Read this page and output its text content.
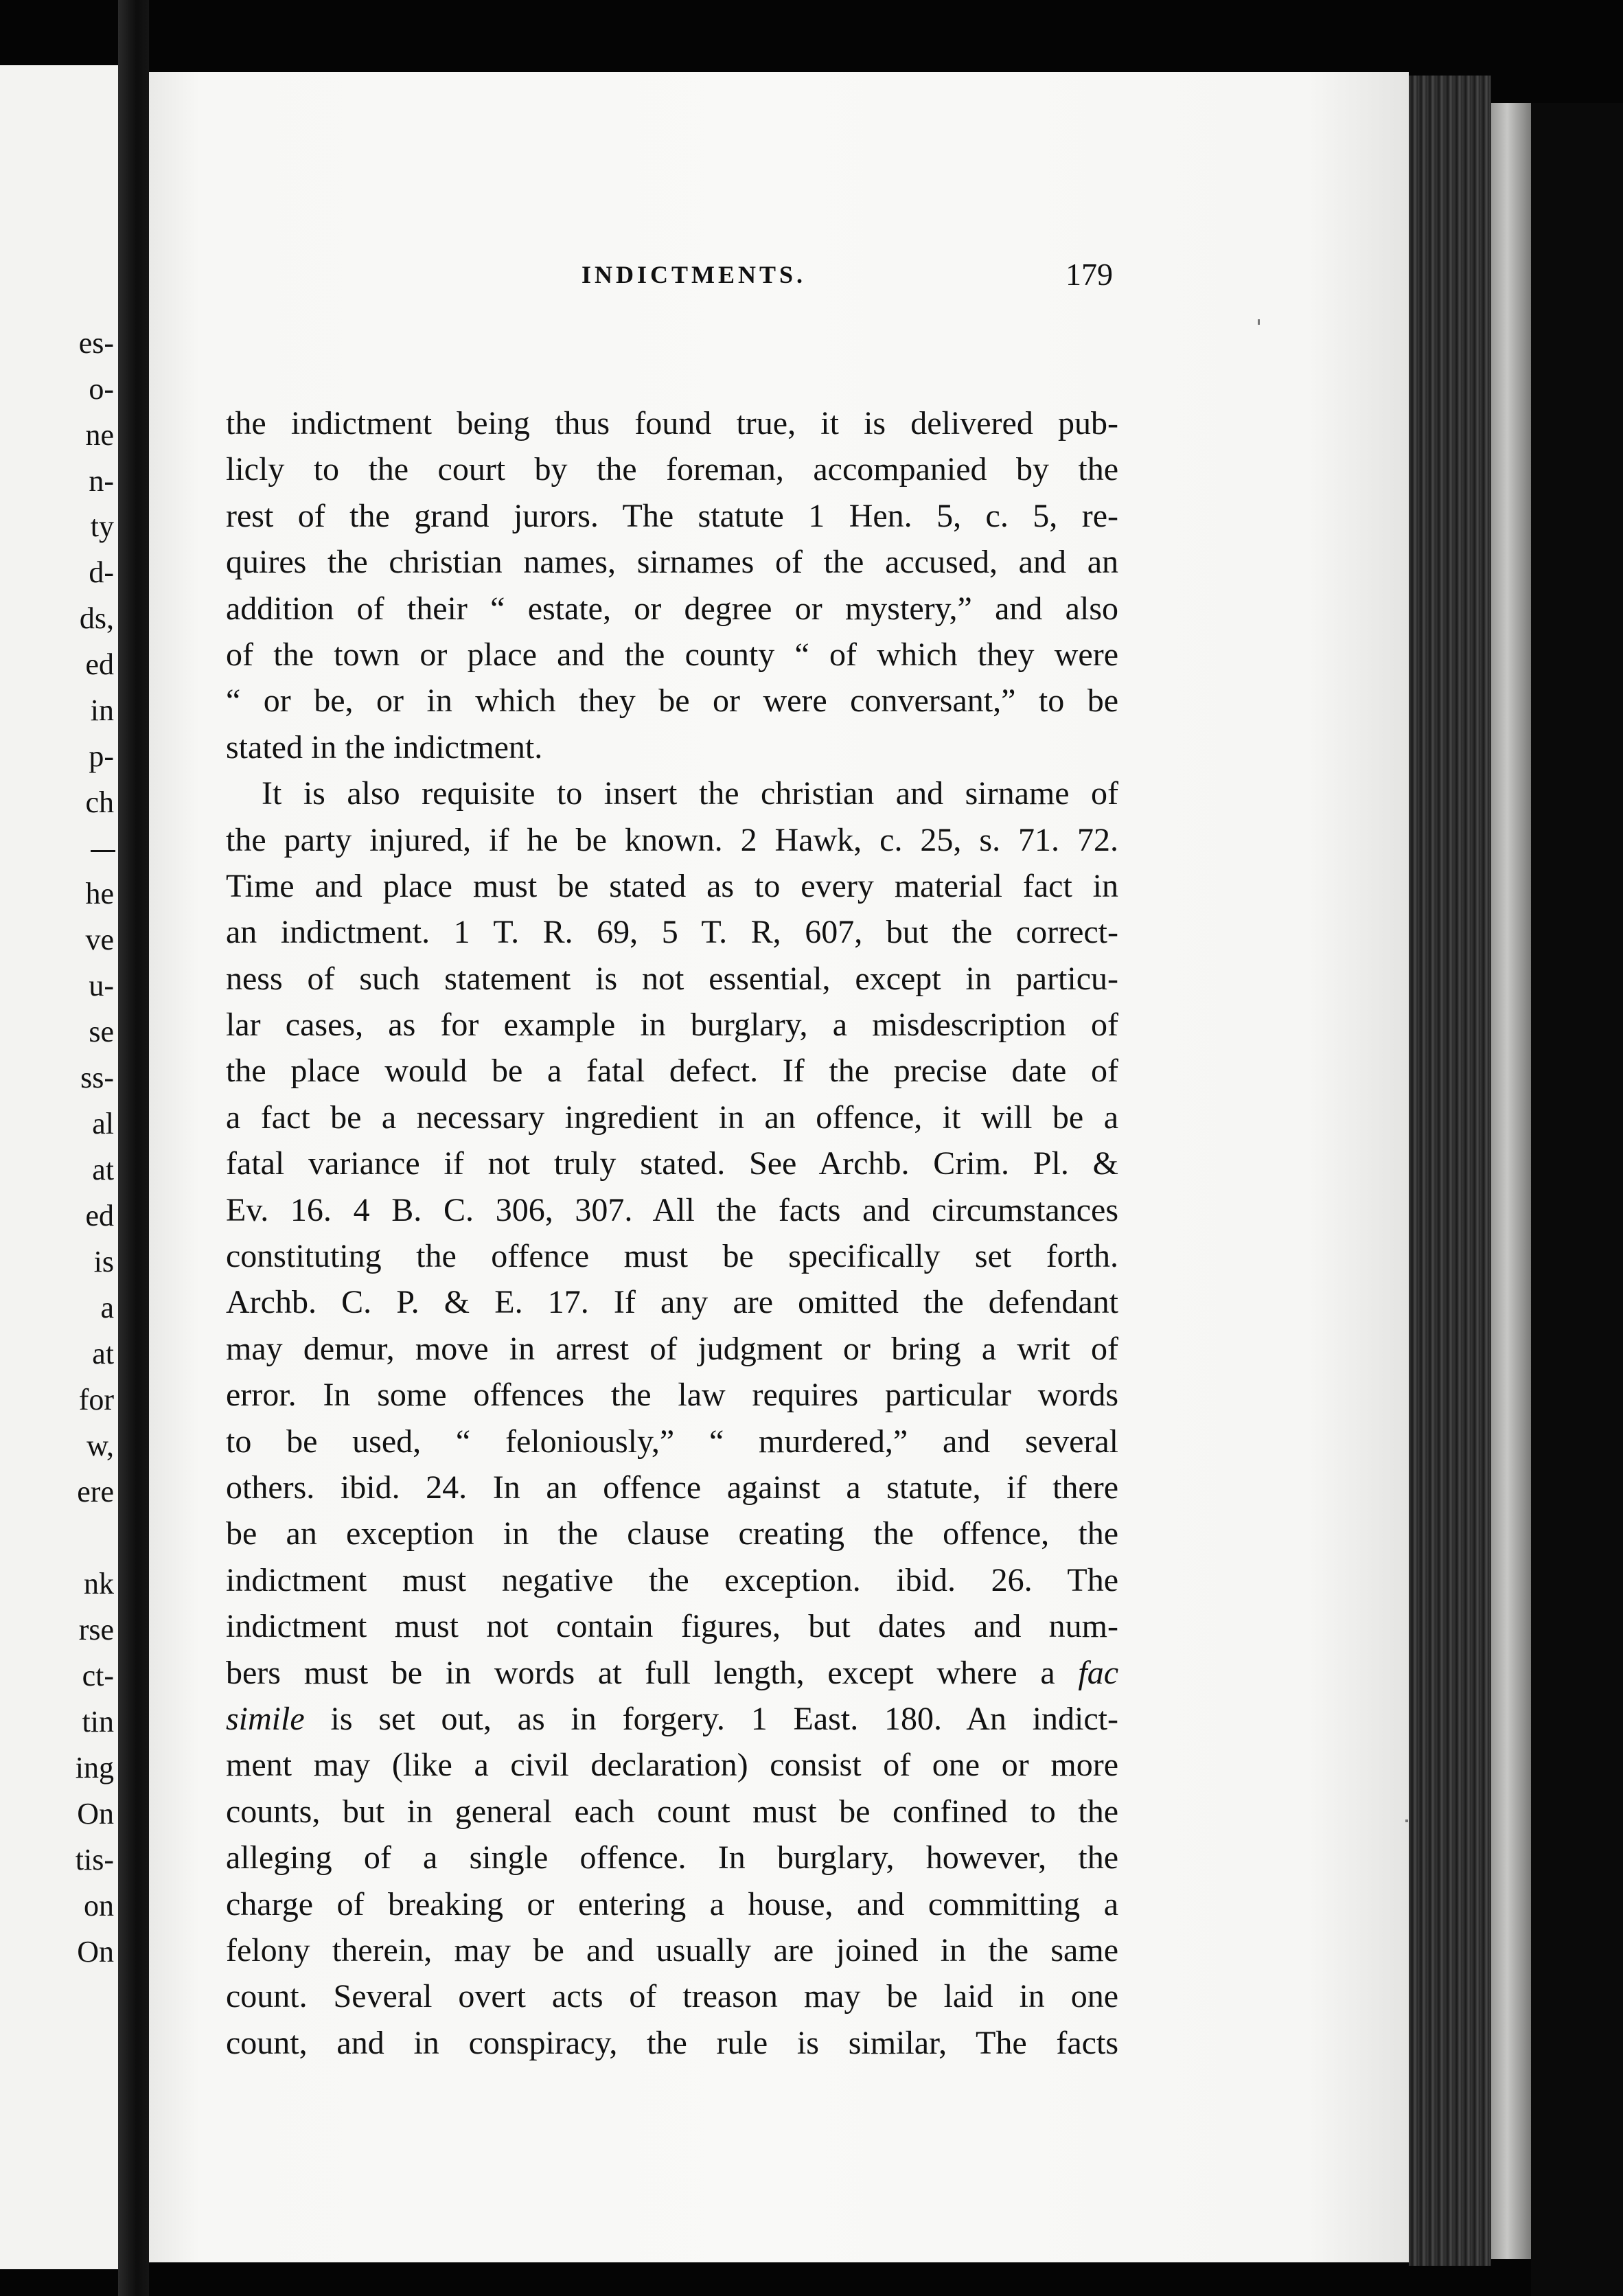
es-
o-
ne
n-
ty
d-
ds,
ed
in
p-
ch
he
ve
u-
se
ss-
al
at
ed
is
a
at
for
w,
ere
nk
rse
ct-
tin
ing
On
tis-
on
On
INDICTMENTS.	179
the indictment being thus found true, it is delivered pub-
licly to the court by the foreman, accompanied by the
rest of the grand jurors. The statute 1 Hen. 5, c. 5, re-
quires the christian names, sirnames of the accused, and an
addition of their “ estate, or degree or mystery,” and also
of the town or place and the county “ of which they were
“ or be, or in which they be or were conversant,” to be
stated in the indictment.
It is also requisite to insert the christian and sirname of
the party injured, if he be known. 2 Hawk, c. 25, s. 71. 72.
Time and place must be stated as to every material fact in
an indictment. 1 T. R. 69, 5 T. R, 607, but the correct-
ness of such statement is not essential, except in particu-
lar cases, as for example in burglary, a misdescription of
the place would be a fatal defect. If the precise date of
a fact be a necessary ingredient in an offence, it will be a
fatal variance if not truly stated. See Archb. Crim. Pl. &
Ev. 16. 4 B. C. 306, 307. All the facts and circumstances
constituting the offence must be specifically set forth.
Archb. C. P. & E. 17. If any are omitted the defendant
may demur, move in arrest of judgment or bring a writ of
error. In some offences the law requires particular words
to be used, “ feloniously,” “ murdered,” and several
others. ibid. 24. In an offence against a statute, if there
be an exception in the clause creating the offence, the
indictment must negative the exception. ibid. 26. The
indictment must not contain figures, but dates and num-
bers must be in words at full length, except where a fac
simile is set out, as in forgery. 1 East. 180. An indict-
ment may (like a civil declaration) consist of one or more
counts, but in general each count must be confined to the
alleging of a single offence. In burglary, however, the
charge of breaking or entering a house, and committing a
felony therein, may be and usually are joined in the same
count. Several overt acts of treason may be laid in one
count, and in conspiracy, the rule is similar, The facts
